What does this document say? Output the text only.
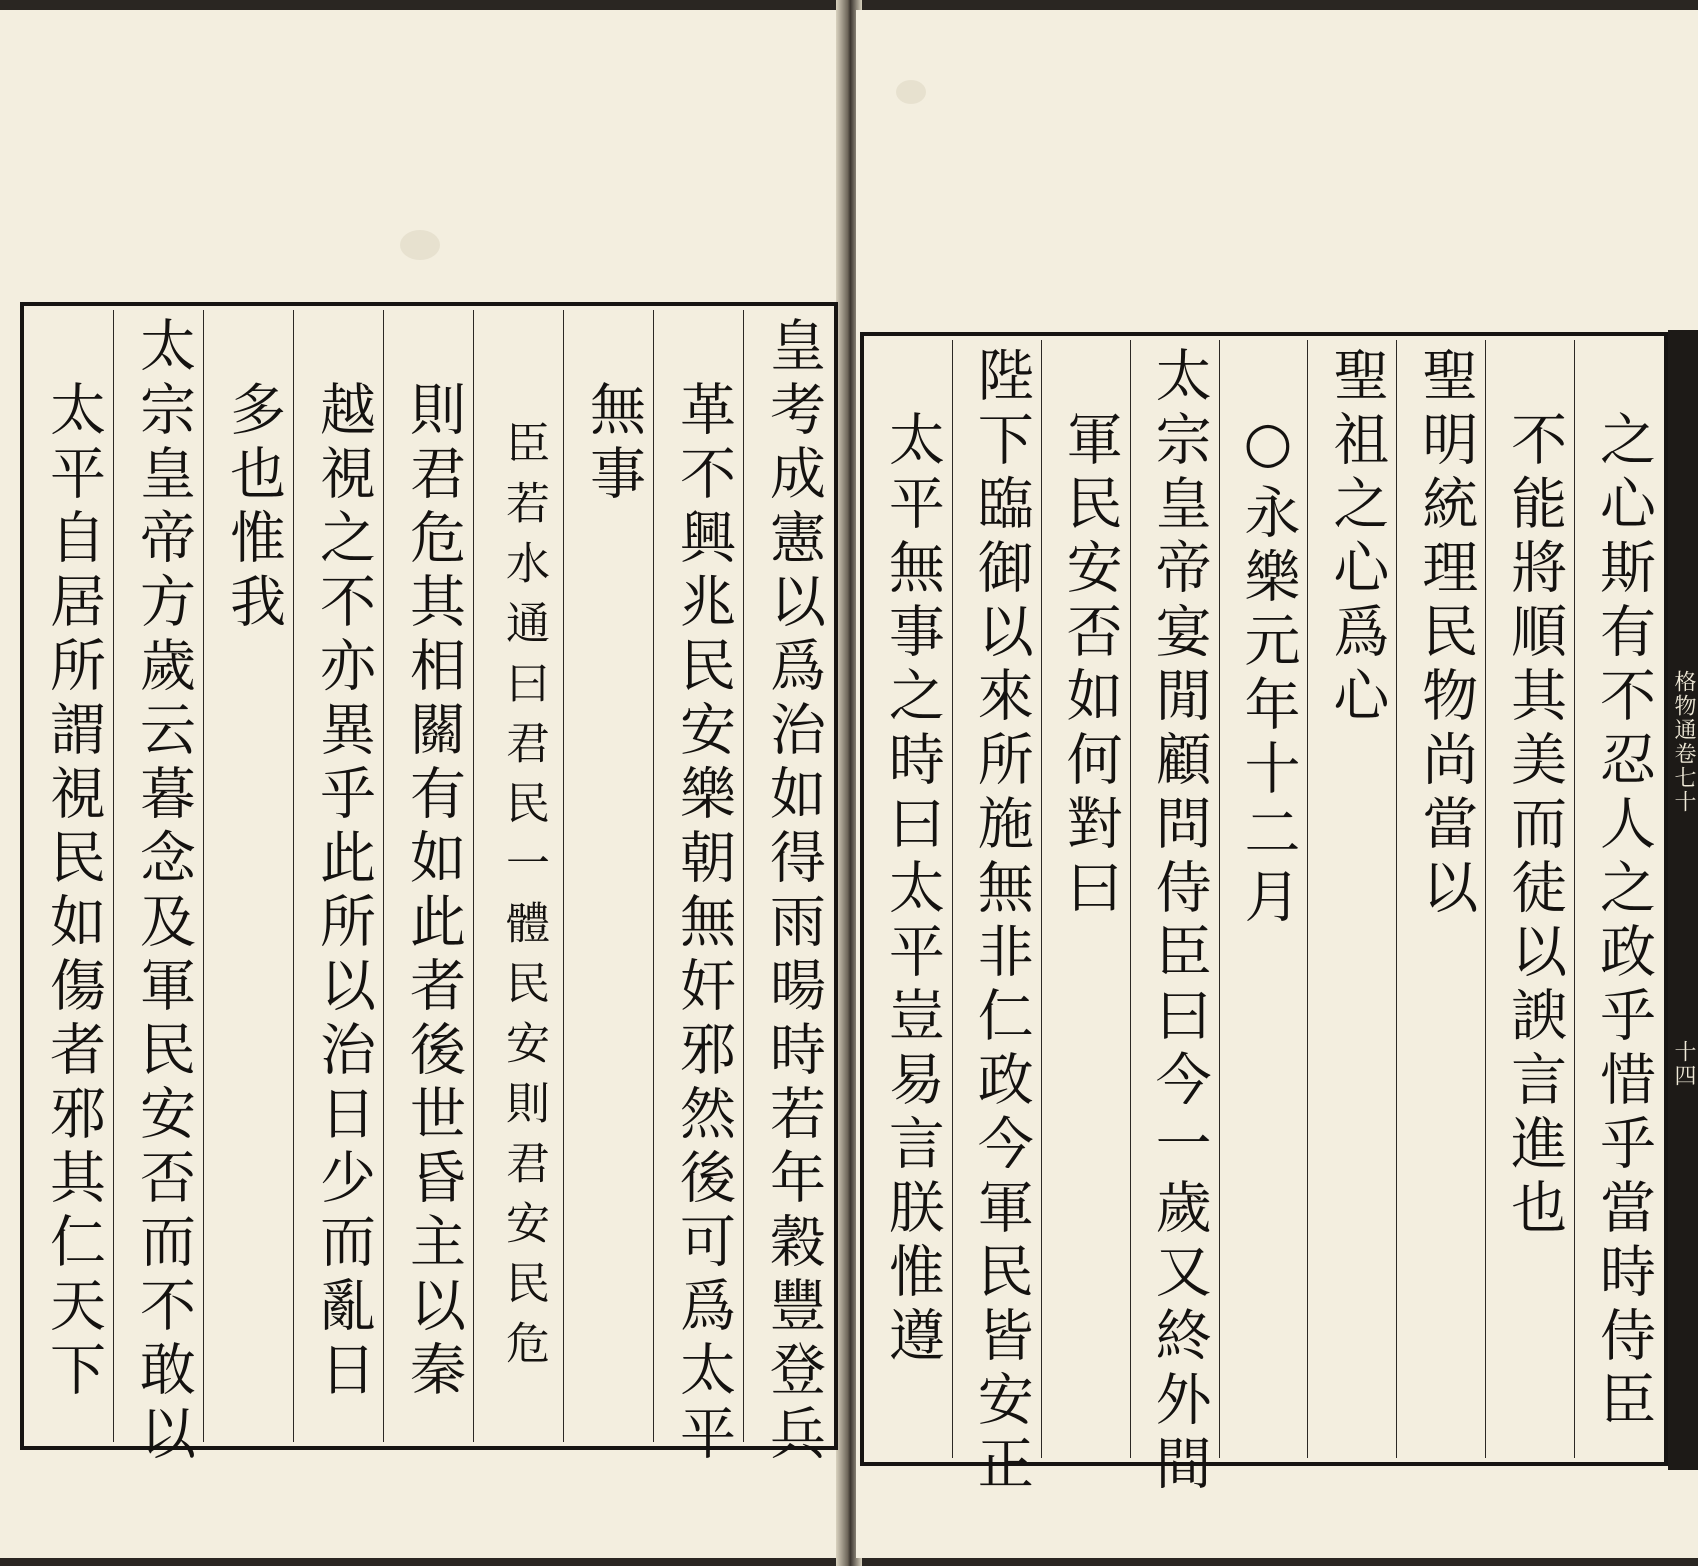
格物通卷七十
十四
皇考成憲以爲治如得雨暘時若年穀豐登兵
革不興兆民安樂朝無奸邪然後可爲太平
無事
臣若水通曰君民一體民安則君安民危
則君危其相關有如此者後世昏主以秦
越視之不亦異乎此所以治日少而亂日
多也惟我
太宗皇帝方歲云暮念及軍民安否而不敢以
太平自居所謂視民如傷者邪其仁天下	之心斯有不忍人之政乎惜乎當時侍臣
不能將順其美而徒以諛言進也
聖明統理民物尚當以
聖祖之心爲心
○永樂元年十二月
太宗皇帝宴閒顧問侍臣曰今一歲又終外間
軍民安否如何對曰
陛下臨御以來所施無非仁政今軍民皆安正
太平無事之時曰太平豈易言朕惟遵
